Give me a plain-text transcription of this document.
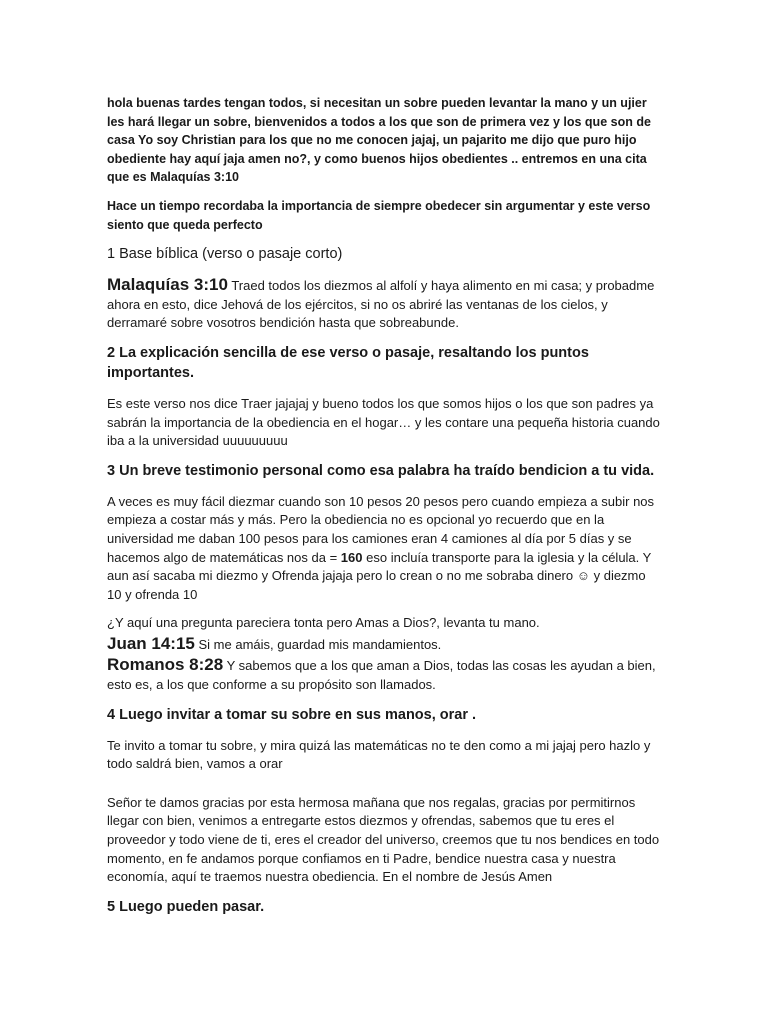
hola buenas tardes tengan todos, si necesitan un sobre pueden levantar la mano y un ujier les hará llegar un sobre, bienvenidos a todos a los que son de primera vez y los que son de casa Yo soy Christian para los que no me conocen jajaj, un pajarito me dijo que puro hijo obediente hay aquí jaja amen no?, y como buenos hijos obedientes .. entremos en una cita que es Malaquías 3:10

Hace un tiempo recordaba la importancia de siempre obedecer sin argumentar y este verso siento que queda perfecto

1 Base bíblica (verso o pasaje corto)

Malaquías 3:10 Traed todos los diezmos al alfolí y haya alimento en mi casa; y probadme ahora en esto, dice Jehová de los ejércitos, si no os abriré las ventanas de los cielos, y derramaré sobre vosotros bendición hasta que sobreabunde.

2 La explicación sencilla de ese verso o pasaje, resaltando los puntos importantes.

Es este verso nos dice Traer jajajaj y bueno todos los que somos hijos o los que son padres ya sabrán la importancia de la obediencia en el hogar… y les contare una pequeña historia cuando iba a la universidad uuuuuuuuu

3 Un breve testimonio personal como esa palabra ha traído bendicion a tu vida.

A veces es muy fácil diezmar cuando son 10 pesos 20 pesos pero cuando empieza a subir nos empieza a costar más y más. Pero la obediencia no es opcional yo recuerdo que en la universidad me daban 100 pesos para los camiones eran 4 camiones al día por 5 días y se hacemos algo de matemáticas nos da = 160 eso incluía transporte para la iglesia y la célula. Y aun así sacaba mi diezmo y Ofrenda jajaja pero lo crean o no me sobraba dinero ☺ y diezmo 10 y ofrenda 10

¿Y aquí una pregunta pareciera tonta pero Amas a Dios?, levanta tu mano.

Juan 14:15 Si me amáis, guardad mis mandamientos.

Romanos 8:28 Y sabemos que a los que aman a Dios, todas las cosas les ayudan a bien, esto es, a los que conforme a su propósito son llamados.

4 Luego invitar a tomar su sobre en sus manos, orar .

Te invito a tomar tu sobre, y mira quizá las matemáticas no te den como a mi jajaj pero hazlo y todo saldrá bien, vamos a orar

Señor te damos gracias por esta hermosa mañana que nos regalas, gracias por permitirnos llegar con bien, venimos a entregarte estos diezmos y ofrendas, sabemos que tu eres el proveedor y todo viene de ti, eres el creador del universo, creemos que tu nos bendices en todo momento, en fe andamos porque confiamos en ti Padre, bendice nuestra casa y nuestra economía, aquí te traemos nuestra obediencia. En el nombre de Jesús Amen

5 Luego pueden pasar.
